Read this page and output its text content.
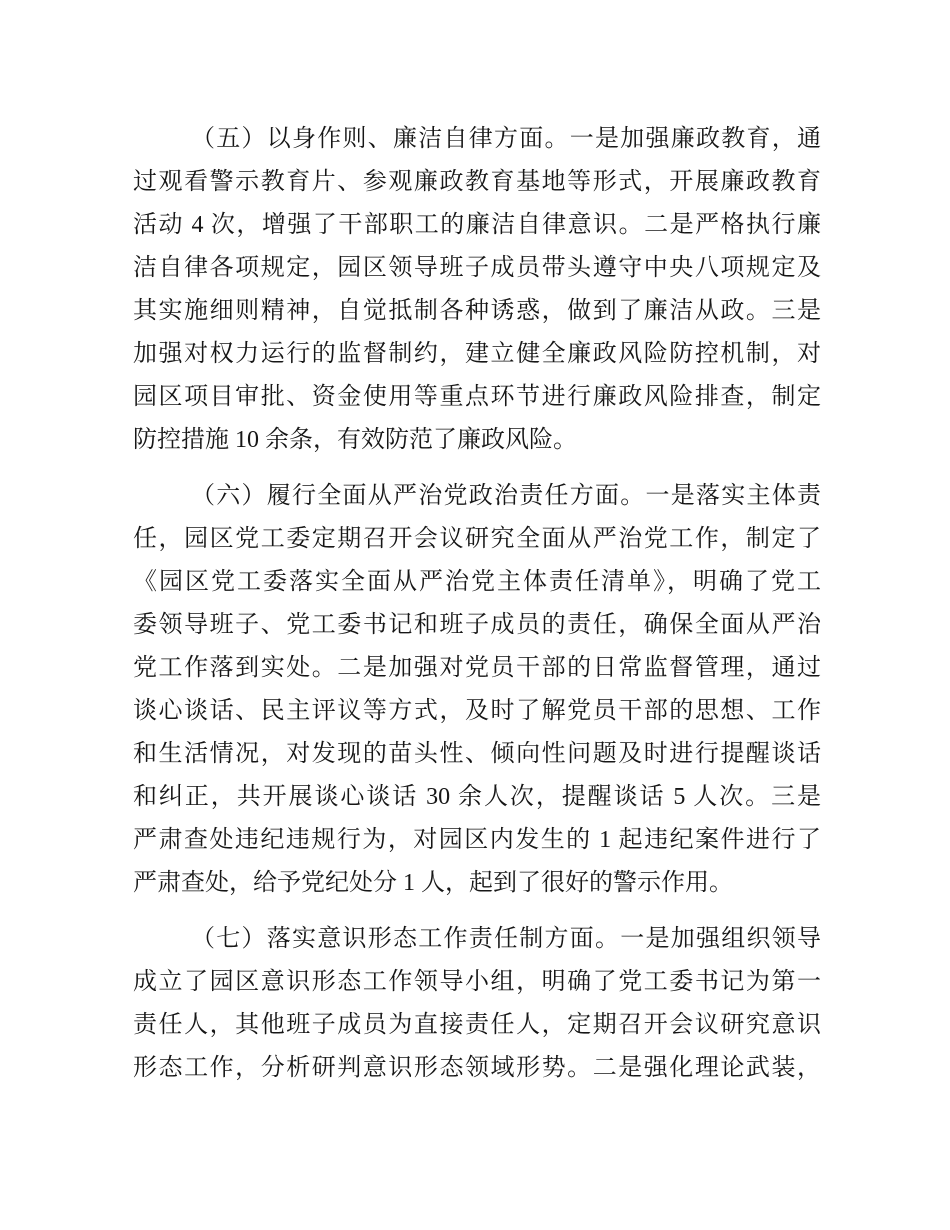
（五）以身作则、廉洁自律方面。一是加强廉政教育，通
过观看警示教育片、参观廉政教育基地等形式，开展廉政教育
活动 4 次，增强了干部职工的廉洁自律意识。二是严格执行廉
洁自律各项规定，园区领导班子成员带头遵守中央八项规定及
其实施细则精神，自觉抵制各种诱惑，做到了廉洁从政。三是
加强对权力运行的监督制约，建立健全廉政风险防控机制，对
园区项目审批、资金使用等重点环节进行廉政风险排查，制定
防控措施 10 余条，有效防范了廉政风险。
（六）履行全面从严治党政治责任方面。一是落实主体责
任，园区党工委定期召开会议研究全面从严治党工作，制定了
《园区党工委落实全面从严治党主体责任清单》，明确了党工
委领导班子、党工委书记和班子成员的责任，确保全面从严治
党工作落到实处。二是加强对党员干部的日常监督管理，通过
谈心谈话、民主评议等方式，及时了解党员干部的思想、工作
和生活情况，对发现的苗头性、倾向性问题及时进行提醒谈话
和纠正，共开展谈心谈话 30 余人次，提醒谈话 5 人次。三是
严肃查处违纪违规行为，对园区内发生的 1 起违纪案件进行了
严肃查处，给予党纪处分 1 人，起到了很好的警示作用。
（七）落实意识形态工作责任制方面。一是加强组织领导
成立了园区意识形态工作领导小组，明确了党工委书记为第一
责任人，其他班子成员为直接责任人，定期召开会议研究意识
形态工作，分析研判意识形态领域形势。二是强化理论武装，
